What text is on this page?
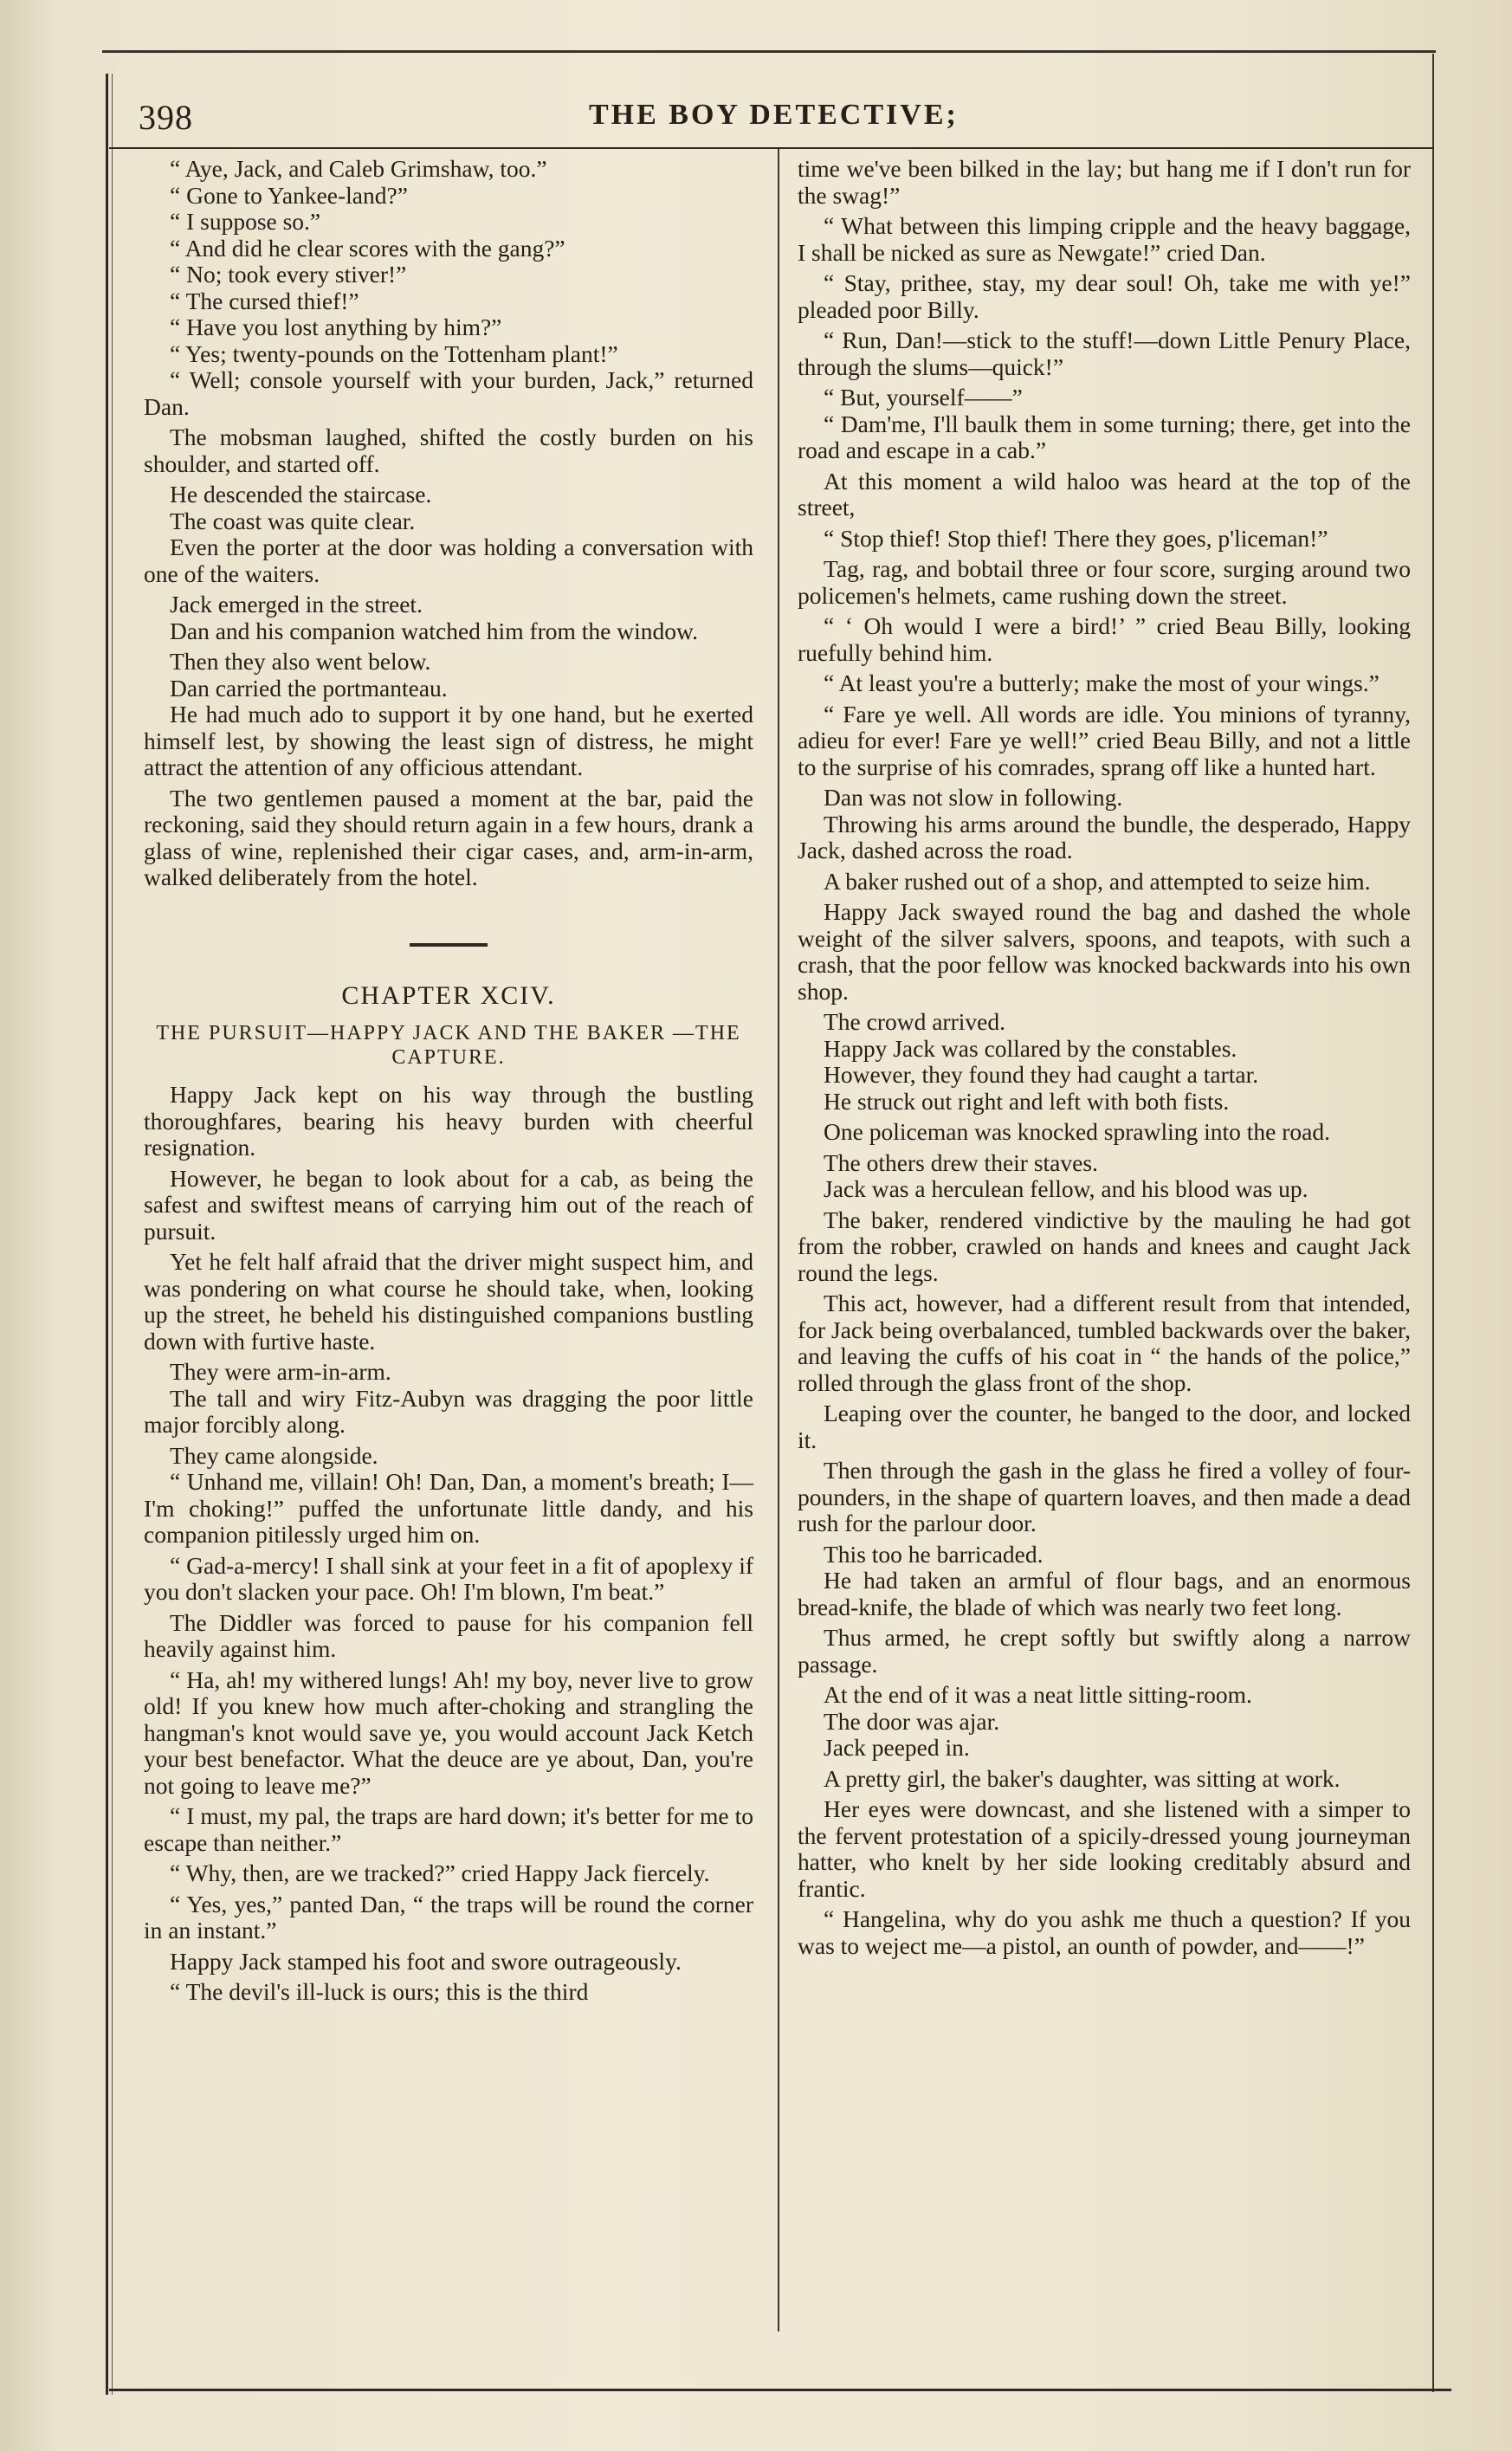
398	THE BOY DETECTIVE;

“ Aye, Jack, and Caleb Grimshaw, too.”

“ Gone to Yankee-land?”

“ I suppose so.”

“ And did he clear scores with the gang?”

“ No; took every stiver!”

“ The cursed thief!”

“ Have you lost anything by him?”

“ Yes; twenty-pounds on the Tottenham plant!”

“ Well; console yourself with your burden, Jack,” returned Dan.

The mobsman laughed, shifted the costly burden on his shoulder, and started off.

He descended the staircase.

The coast was quite clear.

Even the porter at the door was holding a conversation with one of the waiters.

Jack emerged in the street.

Dan and his companion watched him from the window.

Then they also went below.

Dan carried the portmanteau.

He had much ado to support it by one hand, but he exerted himself lest, by showing the least sign of distress, he might attract the attention of any officious attendant.

The two gentlemen paused a moment at the bar, paid the reckoning, said they should return again in a few hours, drank a glass of wine, replenished their cigar cases, and, arm-in-arm, walked deliberately from the hotel.

CHAPTER XCIV.
THE PURSUIT—HAPPY JACK AND THE BAKER —THE CAPTURE.

Happy Jack kept on his way through the bustling thoroughfares, bearing his heavy burden with cheerful resignation.

However, he began to look about for a cab, as being the safest and swiftest means of carrying him out of the reach of pursuit.

Yet he felt half afraid that the driver might suspect him, and was pondering on what course he should take, when, looking up the street, he beheld his distinguished companions bustling down with furtive haste.

They were arm-in-arm.

The tall and wiry Fitz-Aubyn was dragging the poor little major forcibly along.

They came alongside.

“ Unhand me, villain! Oh! Dan, Dan, a moment's breath; I—I'm choking!” puffed the unfortunate little dandy, and his companion pitilessly urged him on.

“ Gad-a-mercy! I shall sink at your feet in a fit of apoplexy if you don't slacken your pace. Oh! I'm blown, I'm beat.”

The Diddler was forced to pause for his companion fell heavily against him.

“ Ha, ah! my withered lungs! Ah! my boy, never live to grow old! If you knew how much after-choking and strangling the hangman's knot would save ye, you would account Jack Ketch your best benefactor. What the deuce are ye about, Dan, you're not going to leave me?”

“ I must, my pal, the traps are hard down; it's better for me to escape than neither.”

“ Why, then, are we tracked?” cried Happy Jack fiercely.

“ Yes, yes,” panted Dan, “ the traps will be round the corner in an instant.”

Happy Jack stamped his foot and swore outrageously.

“ The devil's ill-luck is ours; this is the third

time we've been bilked in the lay; but hang me if I don't run for the swag!”

“ What between this limping cripple and the heavy baggage, I shall be nicked as sure as Newgate!” cried Dan.

“ Stay, prithee, stay, my dear soul! Oh, take me with ye!” pleaded poor Billy.

“ Run, Dan!—stick to the stuff!—down Little Penury Place, through the slums—quick!”

“ But, yourself——”

“ Dam'me, I'll baulk them in some turning; there, get into the road and escape in a cab.”

At this moment a wild haloo was heard at the top of the street,

“ Stop thief! Stop thief! There they goes, p'liceman!”

Tag, rag, and bobtail three or four score, surging around two policemen's helmets, came rushing down the street.

“ ‘ Oh would I were a bird!’ ” cried Beau Billy, looking ruefully behind him.

“ At least you're a butterly; make the most of your wings.”

“ Fare ye well. All words are idle. You minions of tyranny, adieu for ever! Fare ye well!” cried Beau Billy, and not a little to the surprise of his comrades, sprang off like a hunted hart.

Dan was not slow in following.

Throwing his arms around the bundle, the desperado, Happy Jack, dashed across the road.

A baker rushed out of a shop, and attempted to seize him.

Happy Jack swayed round the bag and dashed the whole weight of the silver salvers, spoons, and teapots, with such a crash, that the poor fellow was knocked backwards into his own shop.

The crowd arrived.

Happy Jack was collared by the constables.

However, they found they had caught a tartar.

He struck out right and left with both fists.

One policeman was knocked sprawling into the road.

The others drew their staves.

Jack was a herculean fellow, and his blood was up.

The baker, rendered vindictive by the mauling he had got from the robber, crawled on hands and knees and caught Jack round the legs.

This act, however, had a different result from that intended, for Jack being overbalanced, tumbled backwards over the baker, and leaving the cuffs of his coat in “ the hands of the police,” rolled through the glass front of the shop.

Leaping over the counter, he banged to the door, and locked it.

Then through the gash in the glass he fired a volley of four-pounders, in the shape of quartern loaves, and then made a dead rush for the parlour door.

This too he barricaded.

He had taken an armful of flour bags, and an enormous bread-knife, the blade of which was nearly two feet long.

Thus armed, he crept softly but swiftly along a narrow passage.

At the end of it was a neat little sitting-room.

The door was ajar.

Jack peeped in.

A pretty girl, the baker's daughter, was sitting at work.

Her eyes were downcast, and she listened with a simper to the fervent protestation of a spicily-dressed young journeyman hatter, who knelt by her side looking creditably absurd and frantic.

“ Hangelina, why do you ashk me thuch a question? If you was to weject me—a pistol, an ounth of powder, and——!”
